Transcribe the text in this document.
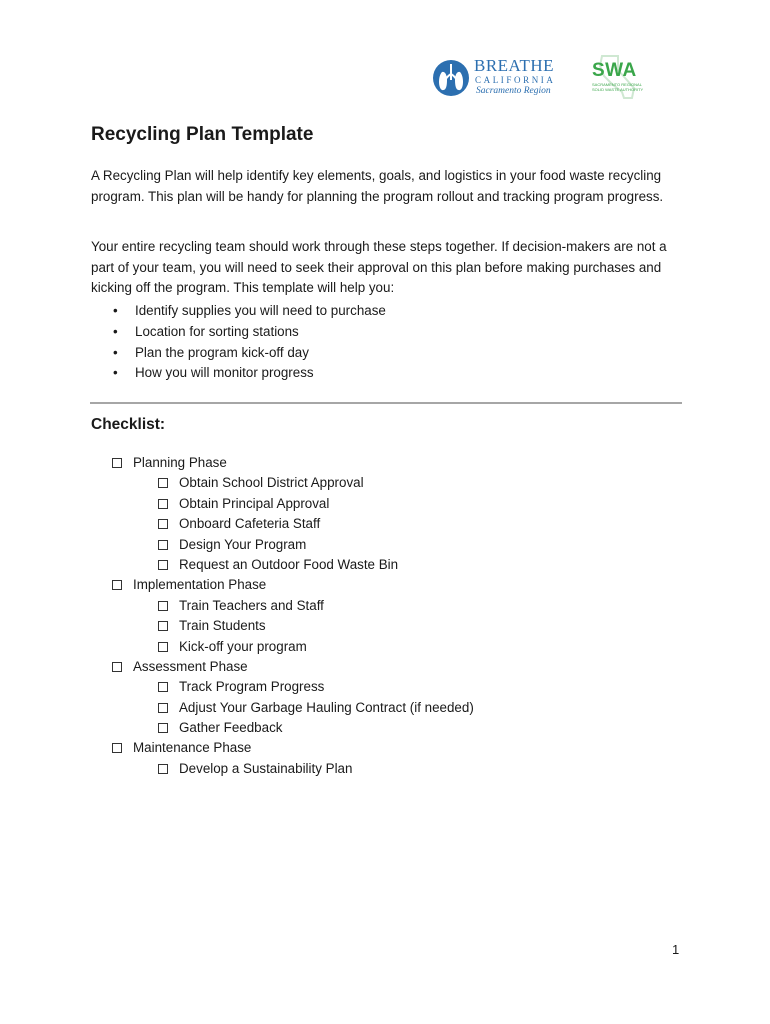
BREATHE
CALIFORNIA
Sacramento Region
SWA
SACRAMENTO REGIONAL SOLID WASTE AUTHORITY
Recycling Plan Template

A Recycling Plan will help identify key elements, goals, and logistics in your food waste recycling program. This plan will be handy for planning the program rollout and tracking program progress.

Your entire recycling team should work through these steps together. If decision-makers are not a part of your team, you will need to seek their approval on this plan before making purchases and kicking off the program. This template will help you:

• Identify supplies you will need to purchase
• Location for sorting stations
• Plan the program kick-off day
• How you will monitor progress
Checklist:
Planning Phase
Obtain School District Approval
Obtain Principal Approval
Onboard Cafeteria Staff
Design Your Program
Request an Outdoor Food Waste Bin
Implementation Phase
Train Teachers and Staff
Train Students
Kick-off your program
Assessment Phase
Track Program Progress
Adjust Your Garbage Hauling Contract (if needed)
Gather Feedback
Maintenance Phase
Develop a Sustainability Plan
1
